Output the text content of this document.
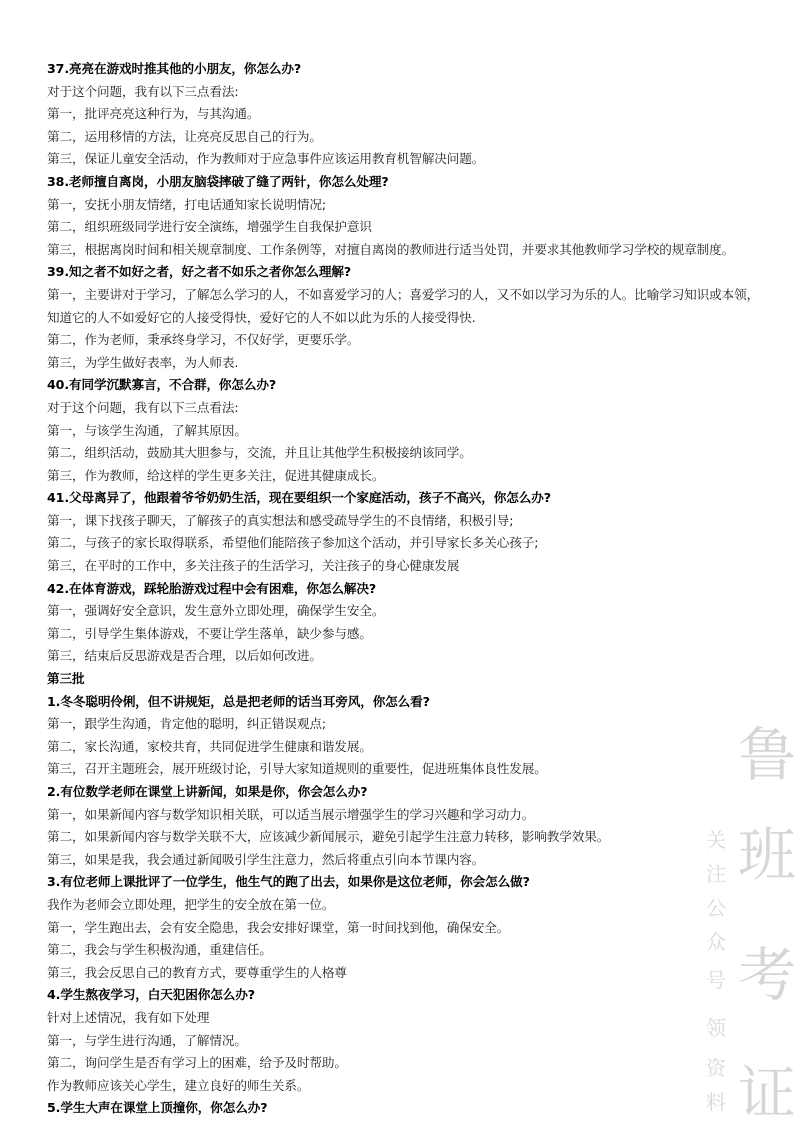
鲁
班
考
证
关
注
公
众
号
领
资
料
37.亮亮在游戏时推其他的小朋友，你怎么办?
对于这个问题，我有以下三点看法:
第一，批评亮亮这种行为，与其沟通。
第二，运用移情的方法，让亮亮反思自己的行为。
第三，保证儿童安全活动，作为教师对于应急事件应该运用教育机智解决问题。
38.老师擅自离岗，小朋友脑袋摔破了缝了两针，你怎么处理?
第一，安抚小朋友情绪，打电话通知家长说明情况;
第二，组织班级同学进行安全演练，增强学生自我保护意识
第三，根据离岗时间和相关规章制度、工作条例等，对擅自离岗的教师进行适当处罚，并要求其他教师学习学校的规章制度。
39.知之者不如好之者，好之者不如乐之者你怎么理解?
第一，主要讲对于学习，了解怎么学习的人，不如喜爱学习的人；喜爱学习的人，又不如以学习为乐的人。比喻学习知识或本领，知道它的人不如爱好它的人接受得快，爱好它的人不如以此为乐的人接受得快.
第二，作为老师，秉承终身学习，不仅好学，更要乐学。
第三，为学生做好表率，为人师表.
40.有同学沉默寡言，不合群，你怎么办?
对于这个问题，我有以下三点看法:
第一，与该学生沟通，了解其原因。
第二，组织活动，鼓励其大胆参与，交流，并且让其他学生积极接纳该同学。
第三，作为教师，给这样的学生更多关注，促进其健康成长。
41.父母离异了，他跟着爷爷奶奶生活，现在要组织一个家庭活动，孩子不高兴，你怎么办?
第一，课下找孩子聊天，了解孩子的真实想法和感受疏导学生的不良情绪，积极引导;
第二，与孩子的家长取得联系，希望他们能陪孩子参加这个活动，并引导家长多关心孩子;
第三，在平时的工作中，多关注孩子的生活学习，关注孩子的身心健康发展
42.在体育游戏，踩轮胎游戏过程中会有困难，你怎么解决?
第一，强调好安全意识，发生意外立即处理，确保学生安全。
第二，引导学生集体游戏，不要让学生落单，缺少参与感。
第三，结束后反思游戏是否合理，以后如何改进。
第三批
1.冬冬聪明伶俐，但不讲规矩，总是把老师的话当耳旁风，你怎么看?
第一，跟学生沟通，肯定他的聪明，纠正错误观点;
第二，家长沟通，家校共育，共同促进学生健康和谐发展。
第三，召开主题班会，展开班级讨论，引导大家知道规则的重要性，促进班集体良性发展。
2.有位数学老师在课堂上讲新闻，如果是你，你会怎么办?
第一，如果新闻内容与数学知识相关联，可以适当展示增强学生的学习兴趣和学习动力。
第二，如果新闻内容与数学关联不大，应该减少新闻展示，避免引起学生注意力转移，影响教学效果。
第三，如果是我，我会通过新闻吸引学生注意力，然后将重点引向本节课内容。
3.有位老师上课批评了一位学生，他生气的跑了出去，如果你是这位老师，你会怎么做?
我作为老师会立即处理，把学生的安全放在第一位。
第一，学生跑出去，会有安全隐患，我会安排好课堂，第一时间找到他，确保安全。
第二，我会与学生积极沟通，重建信任。
第三，我会反思自己的教育方式，要尊重学生的人格尊
4.学生熬夜学习，白天犯困你怎么办?
针对上述情况，我有如下处理
第一，与学生进行沟通，了解情况。
第二，询问学生是否有学习上的困难，给予及时帮助。
作为教师应该关心学生，建立良好的师生关系。
5.学生大声在课堂上顶撞你，你怎么办?
